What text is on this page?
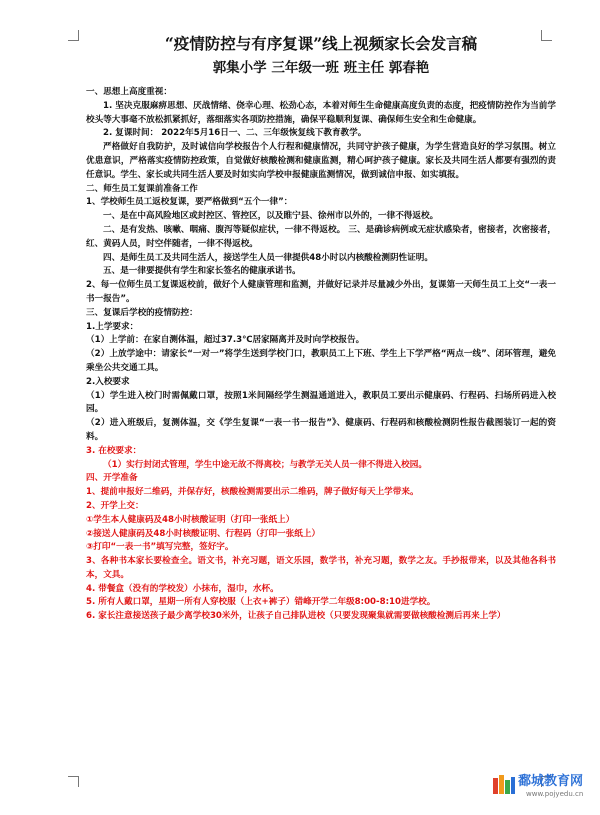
“疫情防控与有序复课”线上视频家长会发言稿
郭集小学 三年级一班 班主任 郭春艳

一、思想上高度重视：

1. 坚决克服麻痹思想、厌战情绪、侥幸心理、松劲心态，本着对师生生命健康高度负责的态度，把疫情防控作为当前学校头等大事毫不放松抓紧抓好，落细落实各项防控措施，确保平稳顺利复课、确保师生安全和生命健康。

2. 复课时间： 2022年5月16日一、二、三年级恢复线下教育教学。

严格做好自我防护，及时诚信向学校报告个人行程和健康情况，共同守护孩子健康，为学生营造良好的学习氛围。树立优患意识，严格落实疫情防控政策，自觉做好核酸检测和健康监测，精心呵护孩子健康。家长及共同生活人都要有强烈的责任意识。学生、家长或共同生活人要及时如实向学校申报健康监测情况，做到诚信申报、如实填报。

二、师生员工复课前准备工作

1、学校师生员工返校复课，要严格做到“五个一律”：

一、是在中高风险地区或封控区、管控区，以及睢宁县、徐州市以外的，一律不得返校。

二、是有发热、咳嗽、咽痛、腹泻等疑似症状，一律不得返校。 三、是确诊病例或无症状感染者，密接者，次密接者，红、黄码人员，时空伴随者，一律不得返校。

四、是师生员工及共同生活人，接送学生人员一律提供48小时以内核酸检测阴性证明。

五、是一律要提供有学生和家长签名的健康承诺书。

2、每一位师生员工复课返校前，做好个人健康管理和监测，并做好记录并尽量减少外出，复课第一天师生员工上交“一表一书一报告”。

三、复课后学校的疫情防控：

1.上学要求：

（1）上学前：在家自测体温，超过37.3℃居家隔离并及时向学校报告。

（2）上放学途中：请家长“一对一”将学生送到学校门口，教职员工上下班、学生上下学严格“两点一线”、闭环管理，避免乘坐公共交通工具。

2.入校要求

（1）学生进入校门时需佩戴口罩，按照1米间隔经学生测温通道进入，教职员工要出示健康码、行程码、扫场所码进入校园。

（2）进入班级后，复测体温，交《学生复课“一表一书一报告”》、健康码、行程码和核酸检测阴性报告截图装订一起的资料。

3. 在校要求：

（1）实行封闭式管理，学生中途无故不得离校；与教学无关人员一律不得进入校园。

四、开学准备

1、提前申报好二维码，并保存好，核酸检测需要出示二维码，牌子做好每天上学带来。

2、开学上交：

①学生本人健康码及48小时核酸证明（打印一张纸上）

②接送人健康码及48小时核酸证明、行程码（打印一张纸上）

③打印“一表一书”填写完整，签好字。

3、各种书本家长要检查全。语文书，补充习题，语文乐园，数学书，补充习题，数学之友。手抄报带来，以及其他各科书本，文具。

4. 带餐盒（没有的学校发）小抹布，湿巾，水杯。

5. 所有人戴口罩，星期一所有人穿校服（上衣+裤子）错峰开学二年级8:00-8:10进学校。

6. 家长注意接送孩子最少离学校30米外，让孩子自己排队进校（只要发现聚集就需要做核酸检测后再来上学）

鄱城教育网
www.pojyedu.cn
